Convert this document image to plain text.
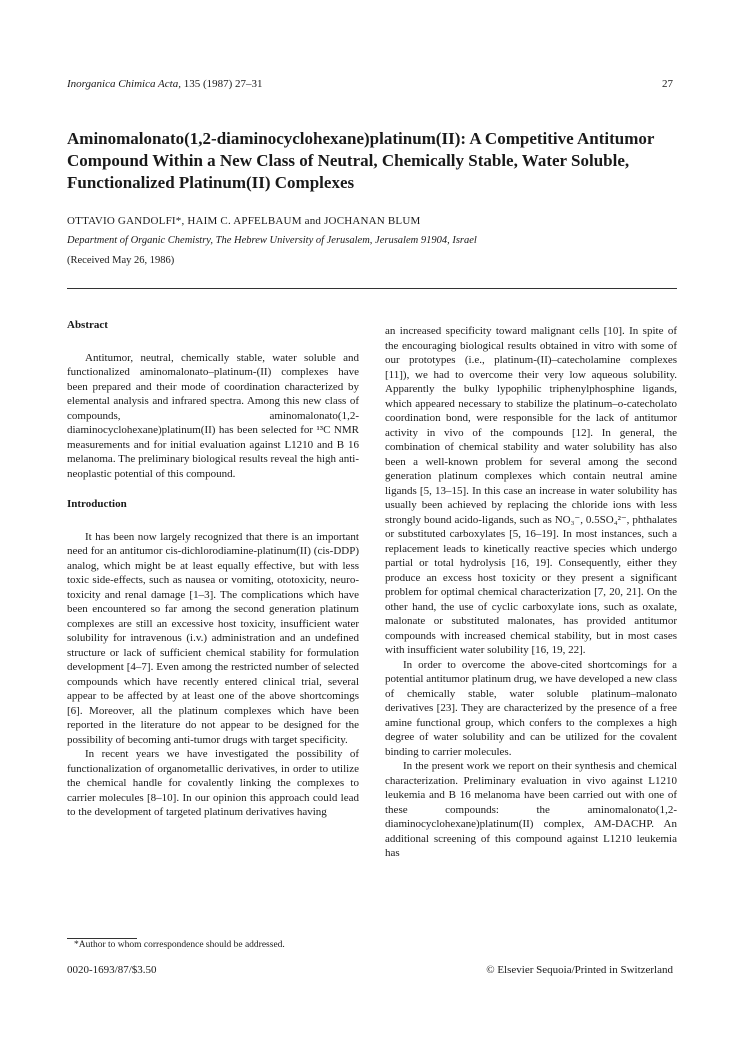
Inorganica Chimica Acta, 135 (1987) 27–31	27
Aminomalonato(1,2-diaminocyclohexane)platinum(II): A Competitive Antitumor Compound Within a New Class of Neutral, Chemically Stable, Water Soluble, Functionalized Platinum(II) Complexes
OTTAVIO GANDOLFI*, HAIM C. APFELBAUM and JOCHANAN BLUM
Department of Organic Chemistry, The Hebrew University of Jerusalem, Jerusalem 91904, Israel
(Received May 26, 1986)
Abstract

Antitumor, neutral, chemically stable, water soluble and functionalized aminomalonato–platinum-(II) complexes have been prepared and their mode of coordination characterized by elemental analysis and infrared spectra. Among this new class of compounds, aminomalonato(1,2-diaminocyclohexane)platinum(II) has been selected for ¹³C NMR measurements and for initial evaluation against L1210 and B 16 melanoma. The preliminary biological results reveal the high anti-neoplastic potential of this compound.

Introduction

It has been now largely recognized that there is an important need for an antitumor cis-dichlorodiamine-platinum(II) (cis-DDP) analog, which might be at least equally effective, but with less toxic side-effects, such as nausea or vomiting, ototoxicity, neuro-toxicity and renal damage [1–3]. The complications which have been encountered so far among the second generation platinum complexes are still an excessive host toxicity, insufficient water solubility for intravenous (i.v.) administration and an undefined structure or lack of sufficient chemical stability for formulation development [4–7]. Even among the restricted number of selected compounds which have recently entered clinical trial, several appear to be affected by at least one of the above shortcomings [6]. Moreover, all the platinum complexes which have been reported in the literature do not appear to be designed for the possibility of becoming anti-tumor drugs with target specificity.

In recent years we have investigated the possibility of functionalization of organometallic derivatives, in order to utilize the chemical handle for covalently linking the complexes to carrier molecules [8–10]. In our opinion this approach could lead to the development of targeted platinum derivatives having

an increased specificity toward malignant cells [10]. In spite of the encouraging biological results obtained in vitro with some of our prototypes (i.e., platinum-(II)–catecholamine complexes [11]), we had to overcome their very low aqueous solubility. Apparently the bulky lypophilic triphenylphosphine ligands, which appeared necessary to stabilize the platinum–o-catecholato coordination bond, were responsible for the lack of antitumor activity in vivo of the compounds [12]. In general, the combination of chemical stability and water solubility has also been a well-known problem for several among the second generation platinum complexes which contain neutral amine ligands [5, 13–15]. In this case an increase in water solubility has usually been achieved by replacing the chloride ions with less strongly bound acido-ligands, such as NO₃⁻, 0.5SO₄²⁻, phthalates or substituted carboxylates [5, 16–19]. In most instances, such a replacement leads to kinetically reactive species which undergo partial or total hydrolysis [16, 19]. Consequently, either they produce an excess host toxicity or they present a significant problem for optimal chemical characterization [7, 20, 21]. On the other hand, the use of cyclic carboxylate ions, such as oxalate, malonate or substituted malonates, has provided antitumor compounds with increased chemical stability, but in most cases with insufficient water solubility [16, 19, 22].

In order to overcome the above-cited shortcomings for a potential antitumor platinum drug, we have developed a new class of chemically stable, water soluble platinum–malonato derivatives [23]. They are characterized by the presence of a free amine functional group, which confers to the complexes a high degree of water solubility and can be utilized for the covalent binding to carrier molecules.

In the present work we report on their synthesis and chemical characterization. Preliminary evaluation in vivo against L1210 leukemia and B 16 melanoma have been carried out with one of these compounds: the aminomalonato(1,2-diaminocyclohexane)platinum(II) complex, AM-DACHP. An additional screening of this compound against L1210 leukemia has

*Author to whom correspondence should be addressed.
0020-1693/87/$3.50	© Elsevier Sequoia/Printed in Switzerland
